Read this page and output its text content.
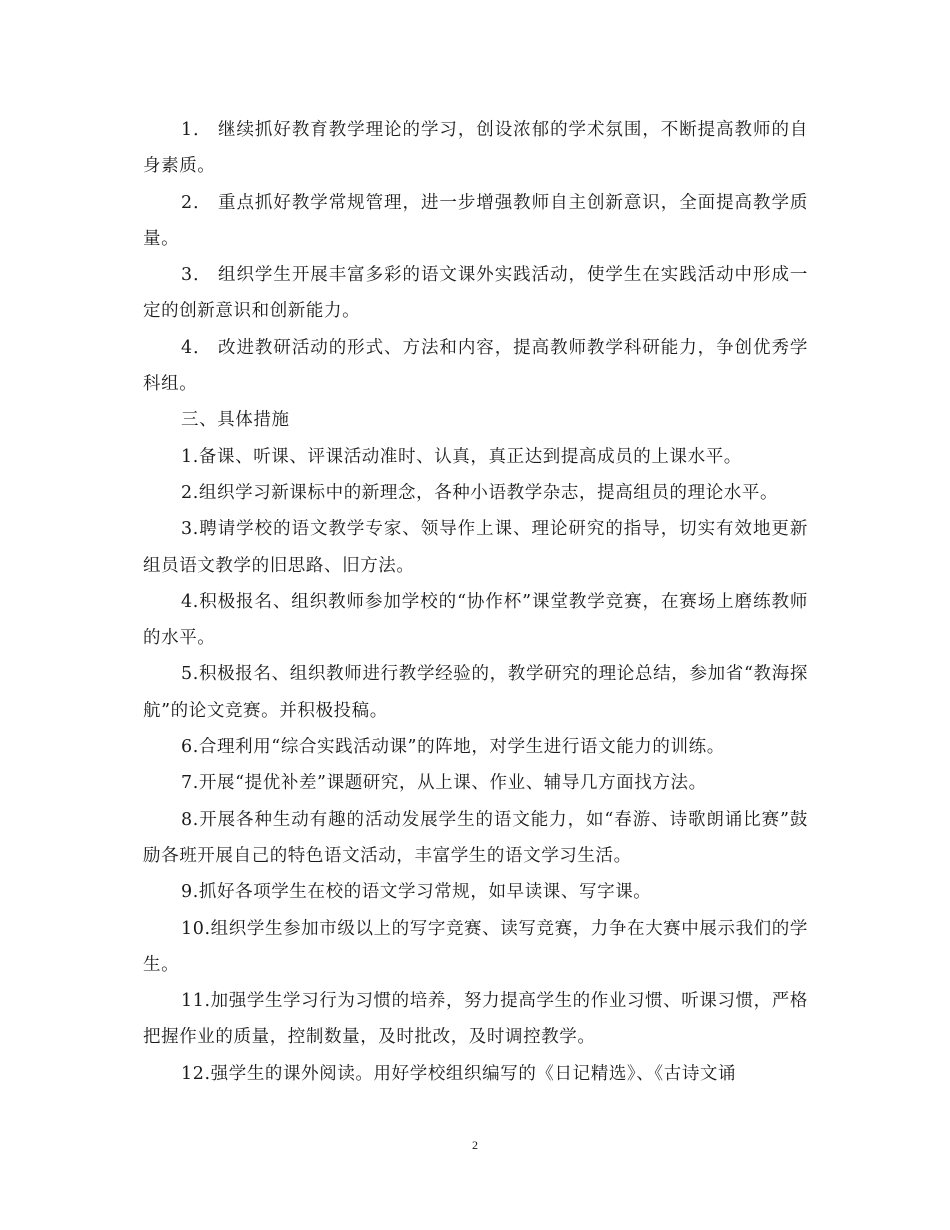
1． 继续抓好教育教学理论的学习，创设浓郁的学术氛围，不断提高教师的自身素质。

2． 重点抓好教学常规管理，进一步增强教师自主创新意识，全面提高教学质量。

3． 组织学生开展丰富多彩的语文课外实践活动，使学生在实践活动中形成一定的创新意识和创新能力。

4． 改进教研活动的形式、方法和内容，提高教师教学科研能力，争创优秀学科组。

三、具体措施

1.备课、听课、评课活动准时、认真，真正达到提高成员的上课水平。

2.组织学习新课标中的新理念，各种小语教学杂志，提高组员的理论水平。

3.聘请学校的语文教学专家、领导作上课、理论研究的指导，切实有效地更新组员语文教学的旧思路、旧方法。

4.积极报名、组织教师参加学校的“协作杯”课堂教学竞赛，在赛场上磨练教师的水平。

5.积极报名、组织教师进行教学经验的，教学研究的理论总结，参加省“教海探航”的论文竞赛。并积极投稿。

6.合理利用“综合实践活动课”的阵地，对学生进行语文能力的训练。

7.开展“提优补差”课题研究，从上课、作业、辅导几方面找方法。

8.开展各种生动有趣的活动发展学生的语文能力，如“春游、诗歌朗诵比赛”鼓励各班开展自己的特色语文活动，丰富学生的语文学习生活。

9.抓好各项学生在校的语文学习常规，如早读课、写字课。

10.组织学生参加市级以上的写字竞赛、读写竞赛，力争在大赛中展示我们的学生。

11.加强学生学习行为习惯的培养，努力提高学生的作业习惯、听课习惯，严格把握作业的质量，控制数量，及时批改，及时调控教学。

12.强学生的课外阅读。用好学校组织编写的《日记精选》、《古诗文诵

2
